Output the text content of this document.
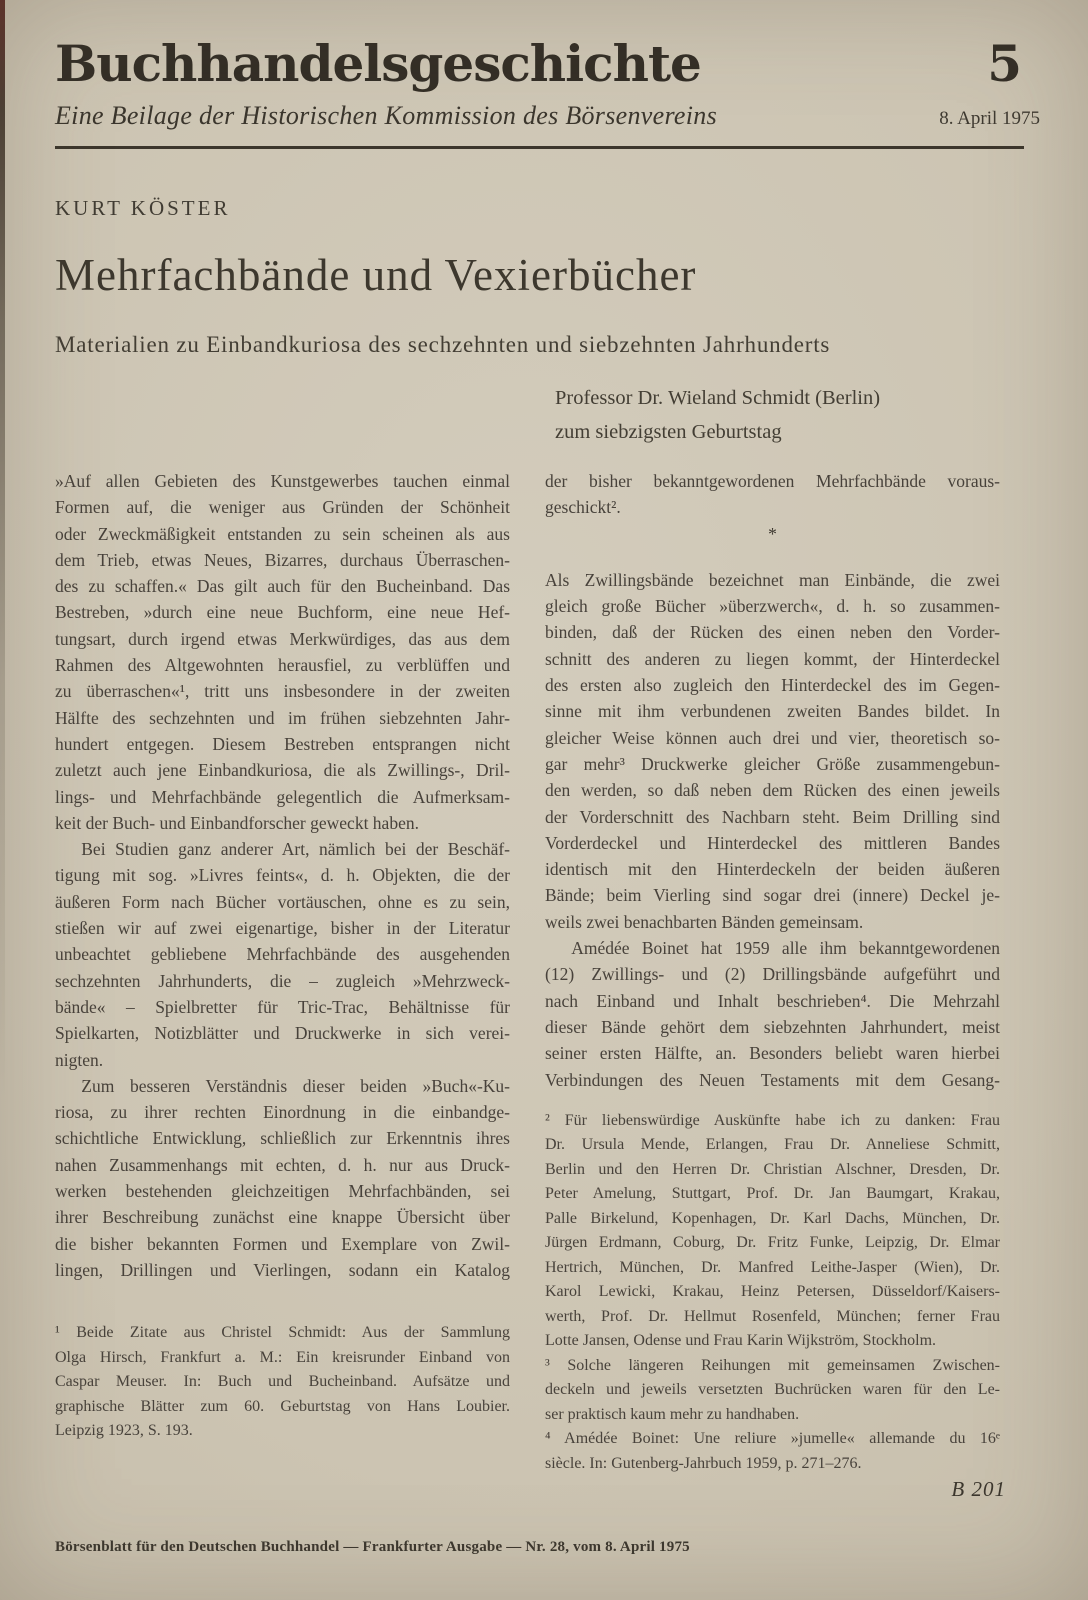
Buchhandelsgeschichte	5
Eine Beilage der Historischen Kommission des Börsenvereins	8. April 1975
KURT KÖSTER
Mehrfachbände und Vexierbücher
Materialien zu Einbandkuriosa des sechzehnten und siebzehnten Jahrhunderts
Professor Dr. Wieland Schmidt (Berlin)
zum siebzigsten Geburtstag
»Auf allen Gebieten des Kunstgewerbes tauchen einmal
Formen auf, die weniger aus Gründen der Schönheit
oder Zweckmäßigkeit entstanden zu sein scheinen als aus
dem Trieb, etwas Neues, Bizarres, durchaus Überraschen-
des zu schaffen.« Das gilt auch für den Bucheinband. Das
Bestreben, »durch eine neue Buchform, eine neue Hef-
tungsart, durch irgend etwas Merkwürdiges, das aus dem
Rahmen des Altgewohnten herausfiel, zu verblüffen und
zu überraschen«¹, tritt uns insbesondere in der zweiten
Hälfte des sechzehnten und im frühen siebzehnten Jahr-
hundert entgegen. Diesem Bestreben entsprangen nicht
zuletzt auch jene Einbandkuriosa, die als Zwillings-, Dril-
lings- und Mehrfachbände gelegentlich die Aufmerksam-
keit der Buch- und Einbandforscher geweckt haben.
Bei Studien ganz anderer Art, nämlich bei der Beschäf-
tigung mit sog. »Livres feints«, d. h. Objekten, die der
äußeren Form nach Bücher vortäuschen, ohne es zu sein,
stießen wir auf zwei eigenartige, bisher in der Literatur
unbeachtet gebliebene Mehrfachbände des ausgehenden
sechzehnten Jahrhunderts, die – zugleich »Mehrzweck-
bände« – Spielbretter für Tric-Trac, Behältnisse für
Spielkarten, Notizblätter und Druckwerke in sich verei-
nigten.
Zum besseren Verständnis dieser beiden »Buch«-Ku-
riosa, zu ihrer rechten Einordnung in die einbandge-
schichtliche Entwicklung, schließlich zur Erkenntnis ihres
nahen Zusammenhangs mit echten, d. h. nur aus Druck-
werken bestehenden gleichzeitigen Mehrfachbänden, sei
ihrer Beschreibung zunächst eine knappe Übersicht über
die bisher bekannten Formen und Exemplare von Zwil-
lingen, Drillingen und Vierlingen, sodann ein Katalog
¹ Beide Zitate aus Christel Schmidt: Aus der Sammlung
Olga Hirsch, Frankfurt a. M.: Ein kreisrunder Einband von
Caspar Meuser. In: Buch und Bucheinband. Aufsätze und
graphische Blätter zum 60. Geburtstag von Hans Loubier.
Leipzig 1923, S. 193.
der bisher bekanntgewordenen Mehrfachbände voraus-
geschickt².
*
Als Zwillingsbände bezeichnet man Einbände, die zwei
gleich große Bücher »überzwerch«, d. h. so zusammen-
binden, daß der Rücken des einen neben den Vorder-
schnitt des anderen zu liegen kommt, der Hinterdeckel
des ersten also zugleich den Hinterdeckel des im Gegen-
sinne mit ihm verbundenen zweiten Bandes bildet. In
gleicher Weise können auch drei und vier, theoretisch so-
gar mehr³ Druckwerke gleicher Größe zusammengebun-
den werden, so daß neben dem Rücken des einen jeweils
der Vorderschnitt des Nachbarn steht. Beim Drilling sind
Vorderdeckel und Hinterdeckel des mittleren Bandes
identisch mit den Hinterdeckeln der beiden äußeren
Bände; beim Vierling sind sogar drei (innere) Deckel je-
weils zwei benachbarten Bänden gemeinsam.
Amédée Boinet hat 1959 alle ihm bekanntgewordenen
(12) Zwillings- und (2) Drillingsbände aufgeführt und
nach Einband und Inhalt beschrieben⁴. Die Mehrzahl
dieser Bände gehört dem siebzehnten Jahrhundert, meist
seiner ersten Hälfte, an. Besonders beliebt waren hierbei
Verbindungen des Neuen Testaments mit dem Gesang-
² Für liebenswürdige Auskünfte habe ich zu danken: Frau
Dr. Ursula Mende, Erlangen, Frau Dr. Anneliese Schmitt,
Berlin und den Herren Dr. Christian Alschner, Dresden, Dr.
Peter Amelung, Stuttgart, Prof. Dr. Jan Baumgart, Krakau,
Palle Birkelund, Kopenhagen, Dr. Karl Dachs, München, Dr.
Jürgen Erdmann, Coburg, Dr. Fritz Funke, Leipzig, Dr. Elmar
Hertrich, München, Dr. Manfred Leithe-Jasper (Wien), Dr.
Karol Lewicki, Krakau, Heinz Petersen, Düsseldorf/Kaisers-
werth, Prof. Dr. Hellmut Rosenfeld, München; ferner Frau
Lotte Jansen, Odense und Frau Karin Wijkström, Stockholm.
³ Solche längeren Reihungen mit gemeinsamen Zwischen-
deckeln und jeweils versetzten Buchrücken waren für den Le-
ser praktisch kaum mehr zu handhaben.
⁴ Amédée Boinet: Une reliure »jumelle« allemande du 16ᵉ
siècle. In: Gutenberg-Jahrbuch 1959, p. 271–276.
B 201
Börsenblatt für den Deutschen Buchhandel — Frankfurter Ausgabe — Nr. 28, vom 8. April 1975
